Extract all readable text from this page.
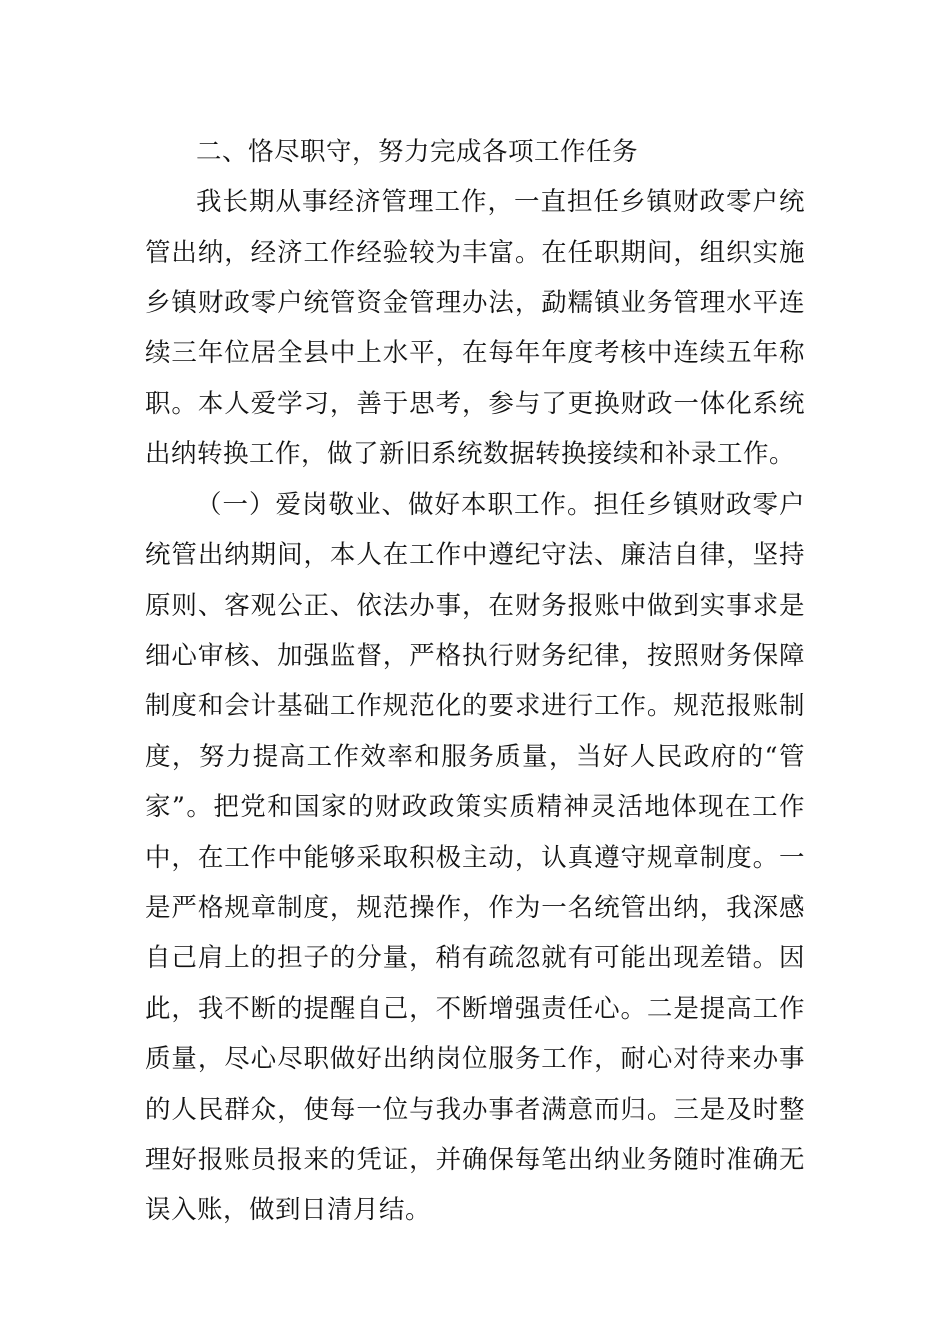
二、恪尽职守，努力完成各项工作任务
我长期从事经济管理工作，一直担任乡镇财政零户统
管出纳，经济工作经验较为丰富。在任职期间，组织实施
乡镇财政零户统管资金管理办法，勐糯镇业务管理水平连
续三年位居全县中上水平，在每年年度考核中连续五年称
职。本人爱学习，善于思考，参与了更换财政一体化系统
出纳转换工作，做了新旧系统数据转换接续和补录工作。
（一）爱岗敬业、做好本职工作。担任乡镇财政零户
统管出纳期间，本人在工作中遵纪守法、廉洁自律，坚持
原则、客观公正、依法办事，在财务报账中做到实事求是
细心审核、加强监督，严格执行财务纪律，按照财务保障
制度和会计基础工作规范化的要求进行工作。规范报账制
度，努力提高工作效率和服务质量，当好人民政府的“管
家”。把党和国家的财政政策实质精神灵活地体现在工作
中，在工作中能够采取积极主动，认真遵守规章制度。一
是严格规章制度，规范操作，作为一名统管出纳，我深感
自己肩上的担子的分量，稍有疏忽就有可能出现差错。因
此，我不断的提醒自己，不断增强责任心。二是提高工作
质量，尽心尽职做好出纳岗位服务工作，耐心对待来办事
的人民群众，使每一位与我办事者满意而归。三是及时整
理好报账员报来的凭证，并确保每笔出纳业务随时准确无
误入账，做到日清月结。
